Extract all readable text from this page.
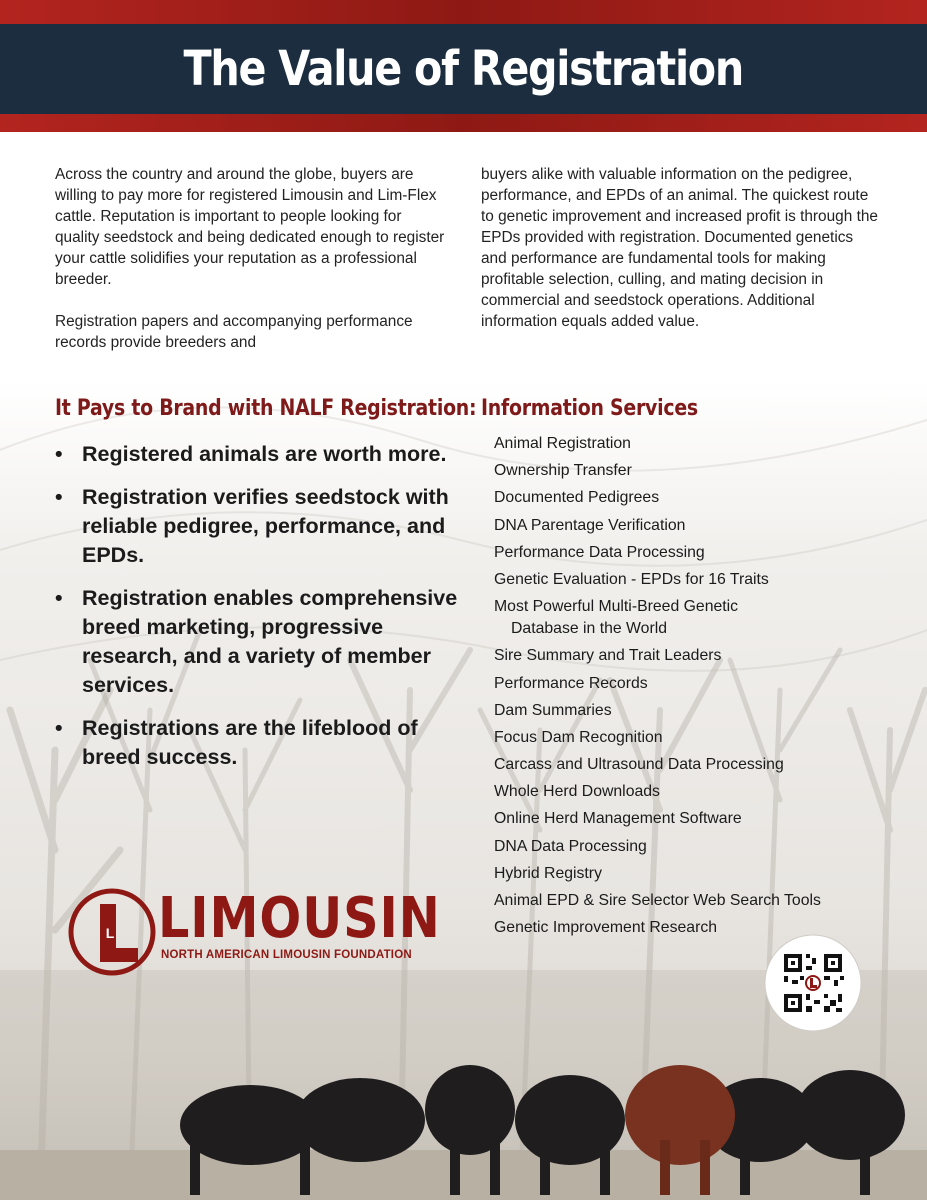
The Value of Registration

Across the country and around the globe, buyers are willing to pay more for registered Limousin and Lim-Flex cattle. Reputation is important to people looking for quality seedstock and being dedicated enough to register your cattle solidifies your reputation as a professional breeder.

Registration papers and accompanying performance records provide breeders and

buyers alike with valuable information on the pedigree, performance, and EPDs of an animal. The quickest route to genetic improvement and increased profit is through the EPDs provided with registration. Documented genetics and performance are fundamental tools for making profitable selection, culling, and mating decision in commercial and seedstock operations. Additional information equals added value.

It Pays to Brand with NALF Registration: Information Services
• Registered animals are worth more.
• Registration verifies seedstock with reliable pedigree, performance, and EPDs.
• Registration enables comprehensive breed marketing, progressive research, and a variety of member services.
• Registrations are the lifeblood of breed success.
Animal Registration
Ownership Transfer
Documented Pedigrees
DNA Parentage Verification
Performance Data Processing
Genetic Evaluation - EPDs for 16 Traits
Most Powerful Multi-Breed Genetic
Database in the World
Sire Summary and Trait Leaders
Performance Records
Dam Summaries
Focus Dam Recognition
Carcass and Ultrasound Data Processing
Whole Herd Downloads
Online Herd Management Software
DNA Data Processing
Hybrid Registry
Animal EPD & Sire Selector Web Search Tools
Genetic Improvement Research
L LIMOUSIN
NORTH AMERICAN LIMOUSIN FOUNDATION
